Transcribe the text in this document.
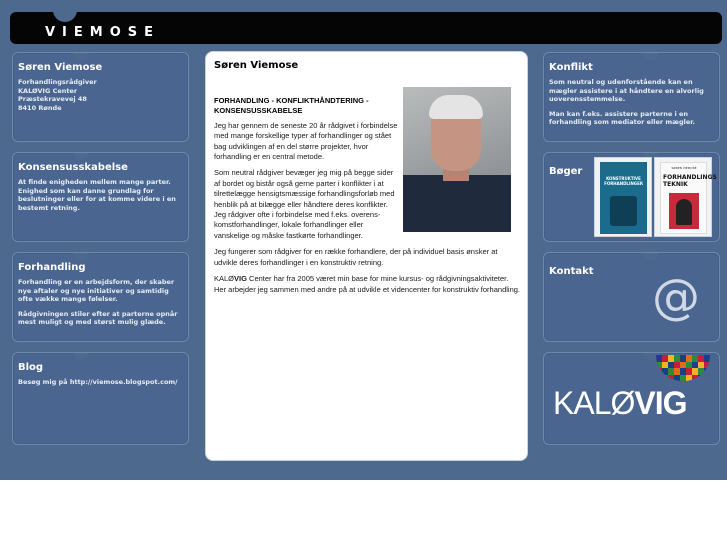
VIEMOSE
Søren Viemose
Forhandlingsrådgiver
KALØVIG Center
Præstekravevej 48
8410 Rønde
Konsensusskabelse

At finde enigheden mellem mange parter. Enighed som kan danne grundlag for beslutninger eller for at komme videre i en bestemt retning.

Forhandling

Forhandling er en arbejdsform, der skaber nye aftaler og nye initiativer og samtidig ofte vække mange følelser.

Rådgivningen stiler efter at parterne opnår mest muligt og med størst mulig glæde.

Blog

Besøg mig på http://viemose.blogspot.com/

Søren Viemose

FORHANDLING - KONFLIKTHÅNDTERING - KONSENSUSSKABELSE

Jeg har gennem de seneste 20 år rådgivet i forbindelse med mange forskellige typer af forhandlinger og stået bag udviklingen af en del større projekter, hvor forhandling er en central metode.

Som neutral rådgiver bevæger jeg mig på begge sider af bordet og bistår også gerne parter i konflikter i at tilrettelægge hensigtsmæssige forhandlingsforløb med henblik på at bilægge eller håndtere deres konflikter. Jeg rådgiver ofte i forbindelse med f.eks. overens- komstforhandlinger, lokale forhandlinger eller vanskelige og måske fastkørte forhandlinger.

Jeg fungerer som rådgiver for en række forhandlere, der på individuel basis ønsker at udvikle deres forhandlinger i en konstruktiv retning.

KALØVIG Center har fra 2005 været min base for mine kursus- og rådgivningsaktiviteter. Her arbejder jeg sammen med andre på at udvikle et videncenter for konstruktiv forhandling.

Konflikt

Som neutral og udenforstående kan en mægler assistere i at håndtere en alvorlig uoverensstemmelse.

Man kan f.eks. assistere parterne i en forhandling som mediator eller mægler.

Bøger
KONSTRUKTIVE FORHANDLINGER
SØREN VIEMOSE
FORHANDLINGS TEKNIK
Kontakt @
KALØVIG
